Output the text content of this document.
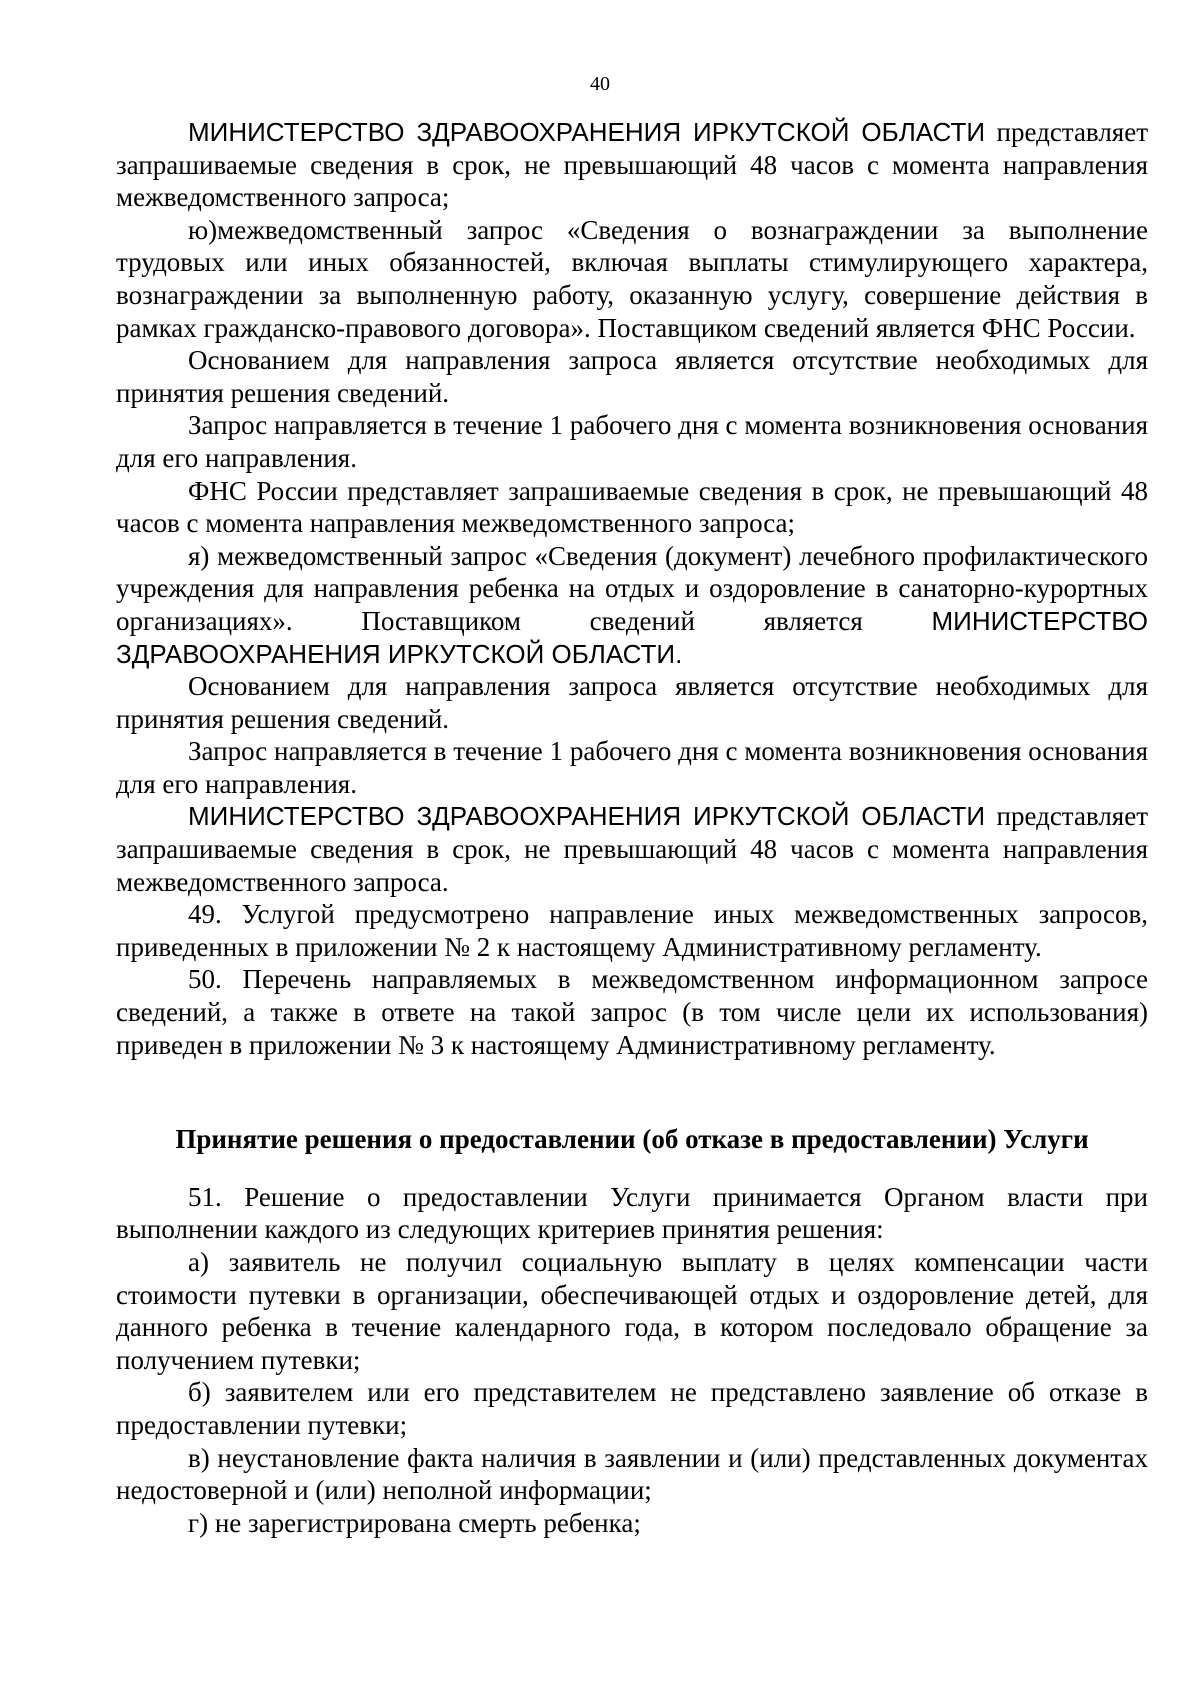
40

МИНИСТЕРСТВО ЗДРАВООХРАНЕНИЯ ИРКУТСКОЙ ОБЛАСТИ представляет запрашиваемые сведения в срок, не превышающий 48 часов с момента направления межведомственного запроса;

ю)межведомственный запрос «Сведения о вознаграждении за выполнение трудовых или иных обязанностей, включая выплаты стимулирующего характера, вознаграждении за выполненную работу, оказанную услугу, совершение действия в рамках гражданско-правового договора». Поставщиком сведений является ФНС России.

Основанием для направления запроса является отсутствие необходимых для принятия решения сведений.

Запрос направляется в течение 1 рабочего дня с момента возникновения основания для его направления.

ФНС России представляет запрашиваемые сведения в срок, не превышающий 48 часов с момента направления межведомственного запроса;

я) межведомственный запрос «Сведения (документ) лечебного профилактического учреждения для направления ребенка на отдых и оздоровление в санаторно-курортных организациях». Поставщиком сведений является МИНИСТЕРСТВО ЗДРАВООХРАНЕНИЯ ИРКУТСКОЙ ОБЛАСТИ.

Основанием для направления запроса является отсутствие необходимых для принятия решения сведений.

Запрос направляется в течение 1 рабочего дня с момента возникновения основания для его направления.

МИНИСТЕРСТВО ЗДРАВООХРАНЕНИЯ ИРКУТСКОЙ ОБЛАСТИ представляет запрашиваемые сведения в срок, не превышающий 48 часов с момента направления межведомственного запроса.

49. Услугой предусмотрено направление иных межведомственных запросов, приведенных в приложении № 2 к настоящему Административному регламенту.

50. Перечень направляемых в межведомственном информационном запросе сведений, а также в ответе на такой запрос (в том числе цели их использования) приведен в приложении № 3 к настоящему Административному регламенту.

Принятие решения о предоставлении (об отказе в предоставлении) Услуги

51. Решение о предоставлении Услуги принимается Органом власти при выполнении каждого из следующих критериев принятия решения:

а) заявитель не получил социальную выплату в целях компенсации части стоимости путевки в организации, обеспечивающей отдых и оздоровление детей, для данного ребенка в течение календарного года, в котором последовало обращение за получением путевки;

б) заявителем или его представителем не представлено заявление об отказе в предоставлении путевки;

в) неустановление факта наличия в заявлении и (или) представленных документах недостоверной и (или) неполной информации;

г) не зарегистрирована смерть ребенка;
